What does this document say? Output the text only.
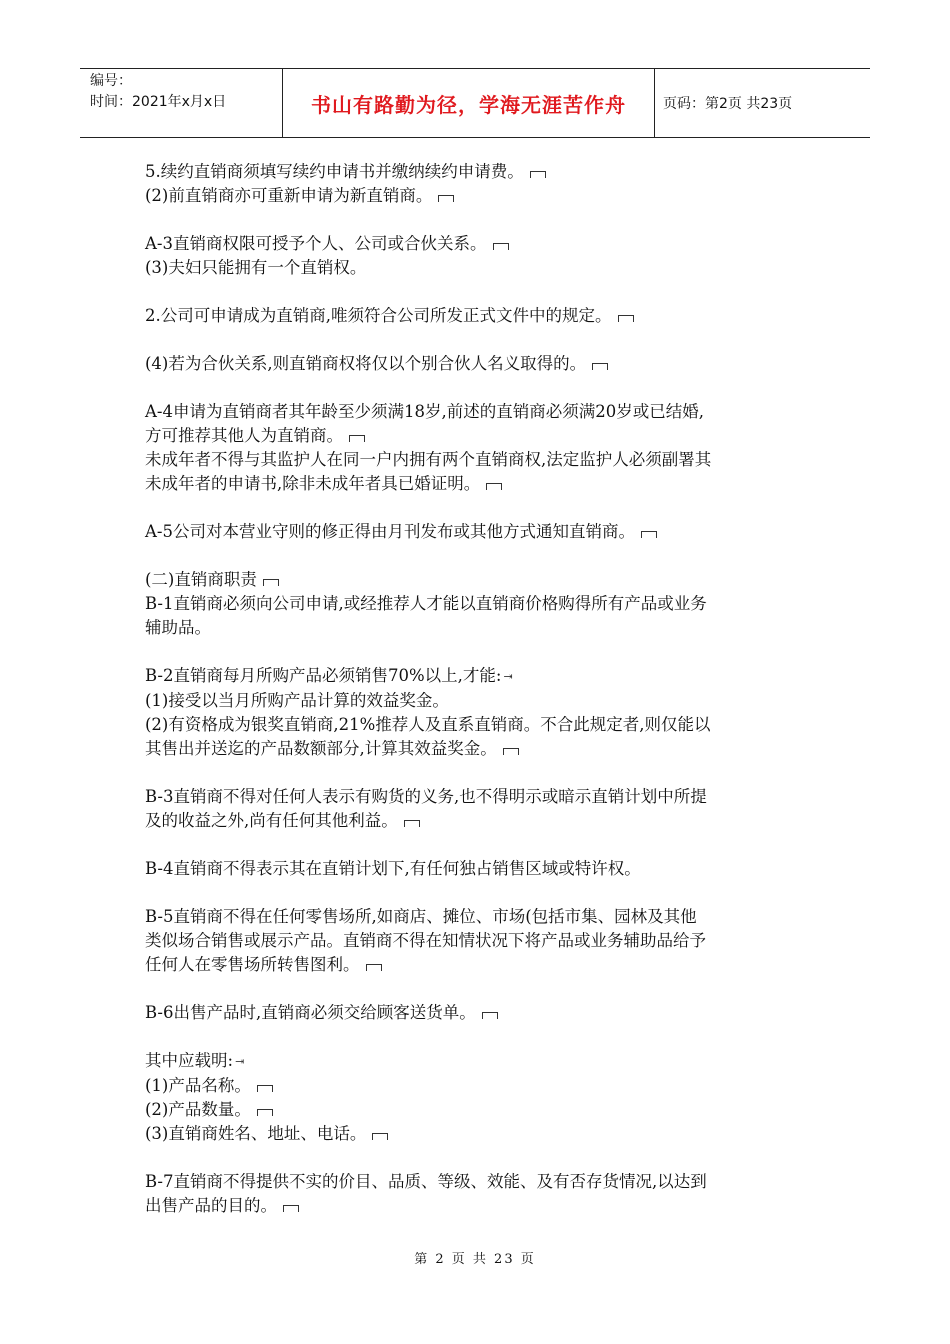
编号：
时间：2021年x月x日	书山有路勤为径，学海无涯苦作舟	页码：第2页 共23页
5.续约直销商须填写续约申请书并缴纳续约申请费。
(2)前直销商亦可重新申请为新直销商。
A-3直销商权限可授予个人、公司或合伙关系。
(3)夫妇只能拥有一个直销权。
2.公司可申请成为直销商,唯须符合公司所发正式文件中的规定。
(4)若为合伙关系,则直销商权将仅以个别合伙人名义取得的。
A-4申请为直销商者其年龄至少须满18岁,前述的直销商必须满20岁或已结婚,
方可推荐其他人为直销商。
未成年者不得与其监护人在同一户内拥有两个直销商权,法定监护人必须副署其
未成年者的申请书,除非未成年者具已婚证明。
A-5公司对本营业守则的修正得由月刊发布或其他方式通知直销商。
(二)直销商职责
B-1直销商必须向公司申请,或经推荐人才能以直销商价格购得所有产品或业务
辅助品。
B-2直销商每月所购产品必须销售70%以上,才能: ⇥
(1)接受以当月所购产品计算的效益奖金。
(2)有资格成为银奖直销商,21%推荐人及直系直销商。不合此规定者,则仅能以
其售出并送迄的产品数额部分,计算其效益奖金。
B-3直销商不得对任何人表示有购货的义务,也不得明示或暗示直销计划中所提
及的收益之外,尚有任何其他利益。
B-4直销商不得表示其在直销计划下,有任何独占销售区域或特许权。
B-5直销商不得在任何零售场所,如商店、摊位、市场(包括市集、园林及其他
类似场合销售或展示产品。直销商不得在知情状况下将产品或业务辅助品给予
任何人在零售场所转售图利。
B-6出售产品时,直销商必须交给顾客送货单。
其中应载明: ⇥
(1)产品名称。
(2)产品数量。
(3)直销商姓名、地址、电话。
B-7直销商不得提供不实的价目、品质、等级、效能、及有否存货情况,以达到
出售产品的目的。
第 2 页 共 23 页
